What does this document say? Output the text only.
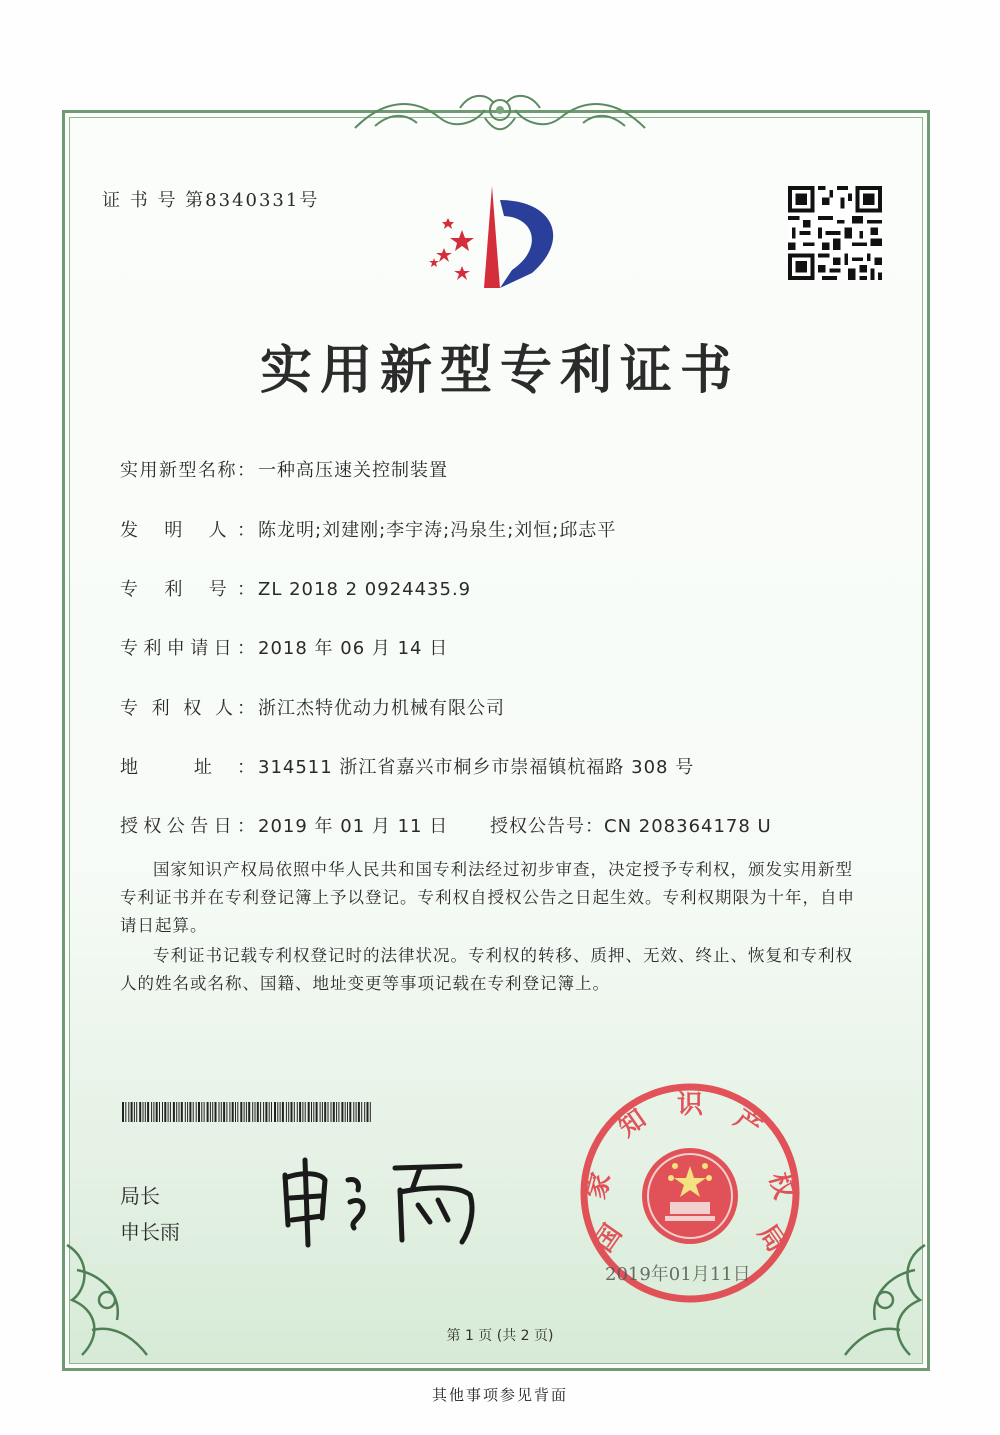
证 书 号 第8340331号
实用新型专利证书
实用新型名称： 一种高压速关控制装置
发 明 人： 陈龙明;刘建刚;李宇涛;冯泉生;刘恒;邱志平
专 利 号： ZL 2018 2 0924435.9
专利申请日： 2018 年 06 月 14 日
专 利 权 人： 浙江杰特优动力机械有限公司
地 址： 314511 浙江省嘉兴市桐乡市崇福镇杭福路 308 号
授权公告日： 2019 年 01 月 11 日 授权公告号：CN 208364178 U
国家知识产权局依照中华人民共和国专利法经过初步审查，决定授予专利权，颁发实用新型专利证书并在专利登记簿上予以登记。专利权自授权公告之日起生效。专利权期限为十年，自申请日起算。
专利证书记载专利权登记时的法律状况。专利权的转移、质押、无效、终止、恢复和专利权人的姓名或名称、国籍、地址变更等事项记载在专利登记簿上。
局长
申长雨	国
家
知 识 产
权
局
2019年01月11日
第 1 页 (共 2 页)
其他事项参见背面
